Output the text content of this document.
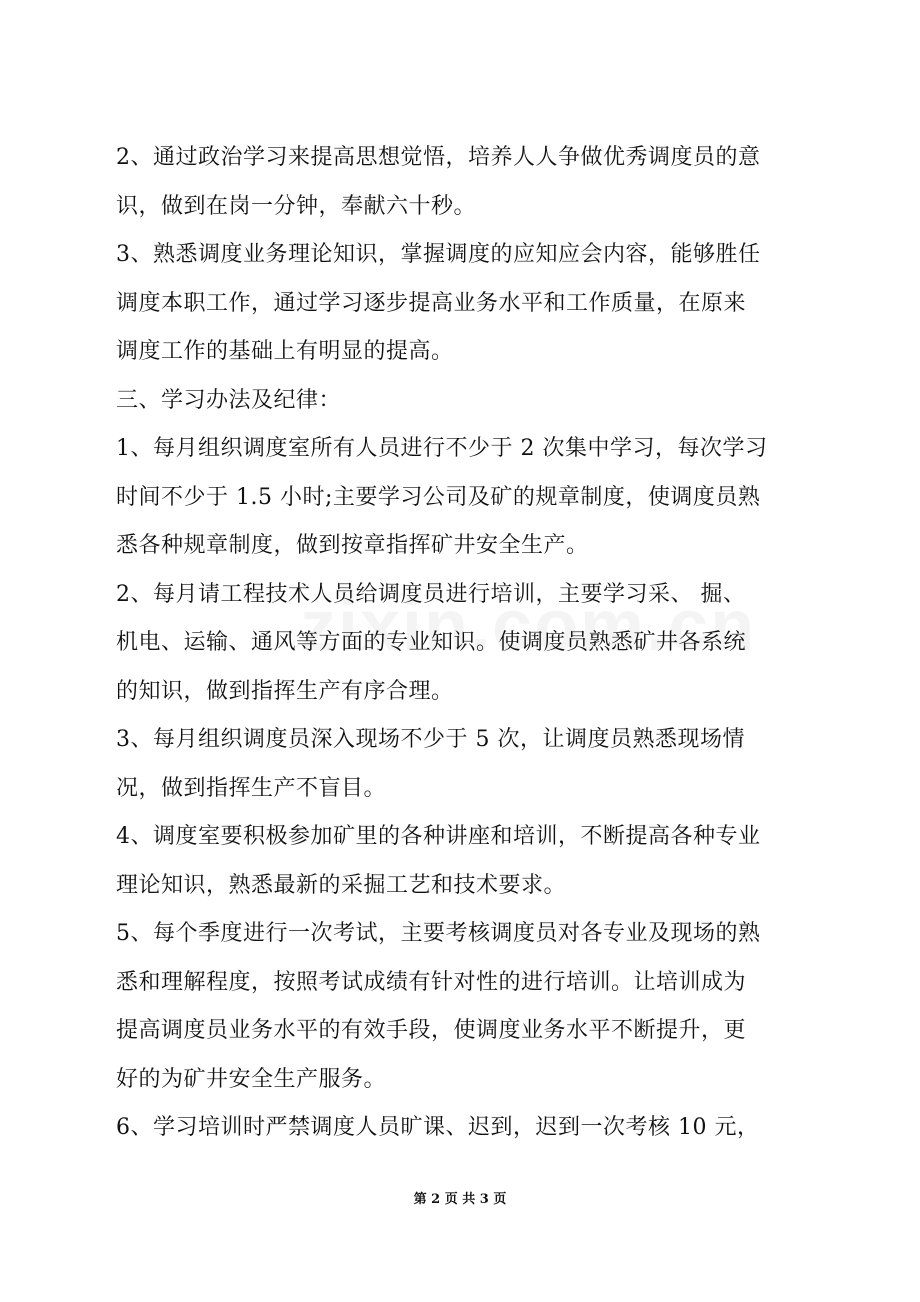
2、通过政治学习来提高思想觉悟，培养人人争做优秀调度员的意
识，做到在岗一分钟，奉献六十秒。
3、熟悉调度业务理论知识，掌握调度的应知应会内容，能够胜任
调度本职工作，通过学习逐步提高业务水平和工作质量，在原来
调度工作的基础上有明显的提高。
三、学习办法及纪律：
1、每月组织调度室所有人员进行不少于 2 次集中学习，每次学习
时间不少于 1.5 小时;主要学习公司及矿的规章制度，使调度员熟
悉各种规章制度，做到按章指挥矿井安全生产。
2、每月请工程技术人员给调度员进行培训，主要学习采、 掘、
机电、运输、通风等方面的专业知识。使调度员熟悉矿井各系统
的知识，做到指挥生产有序合理。
3、每月组织调度员深入现场不少于 5 次，让调度员熟悉现场情
况，做到指挥生产不盲目。
4、调度室要积极参加矿里的各种讲座和培训，不断提高各种专业
理论知识，熟悉最新的采掘工艺和技术要求。
5、每个季度进行一次考试，主要考核调度员对各专业及现场的熟
悉和理解程度，按照考试成绩有针对性的进行培训。让培训成为
提高调度员业务水平的有效手段，使调度业务水平不断提升，更
好的为矿井安全生产服务。
6、学习培训时严禁调度人员旷课、迟到，迟到一次考核 10 元，
第 2 页 共 3 页
